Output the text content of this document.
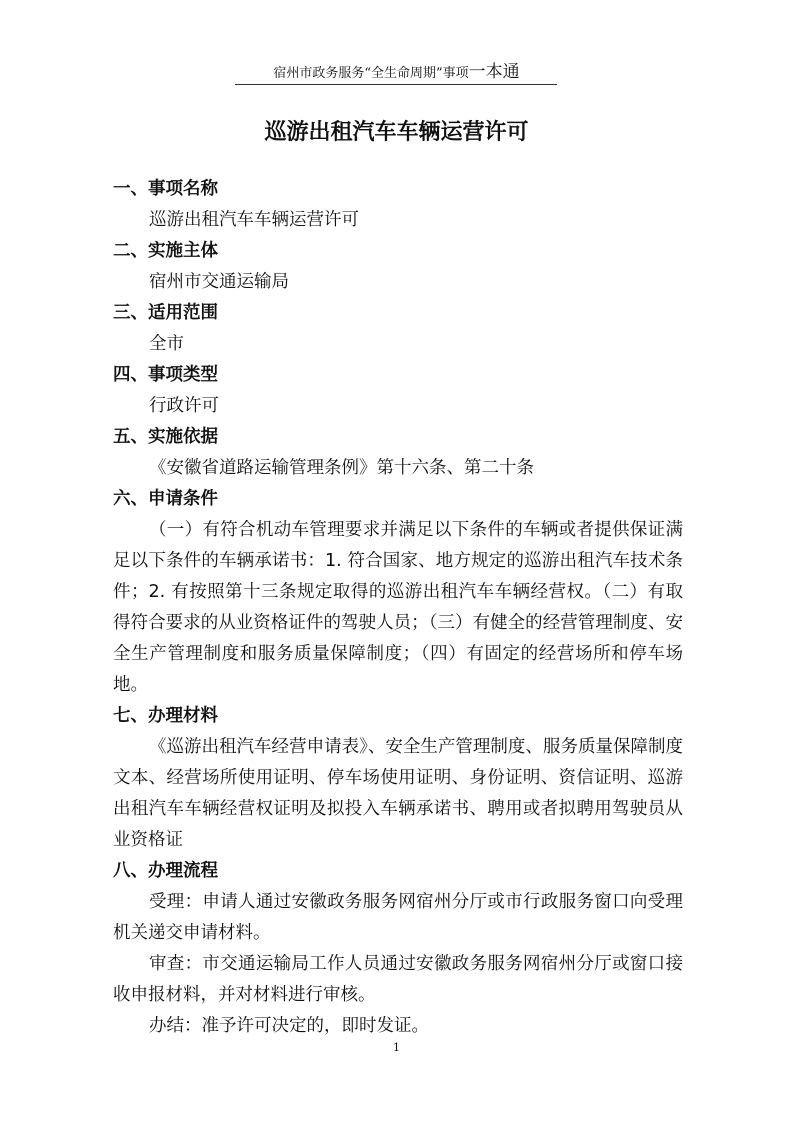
宿州市政务服务“全生命周期”事项一本通
巡游出租汽车车辆运营许可

一、事项名称

巡游出租汽车车辆运营许可

二、实施主体

宿州市交通运输局

三、适用范围

全市

四、事项类型

行政许可

五、实施依据

《安徽省道路运输管理条例》第十六条、第二十条

六、申请条件

（一）有符合机动车管理要求并满足以下条件的车辆或者提供保证满足以下条件的车辆承诺书：1. 符合国家、地方规定的巡游出租汽车技术条件；2. 有按照第十三条规定取得的巡游出租汽车车辆经营权。（二）有取得符合要求的从业资格证件的驾驶人员；（三）有健全的经营管理制度、安全生产管理制度和服务质量保障制度；（四）有固定的经营场所和停车场地。

七、办理材料

《巡游出租汽车经营申请表》、安全生产管理制度、服务质量保障制度文本、经营场所使用证明、停车场使用证明、身份证明、资信证明、巡游出租汽车车辆经营权证明及拟投入车辆承诺书、聘用或者拟聘用驾驶员从业资格证

八、办理流程

受理：申请人通过安徽政务服务网宿州分厅或市行政服务窗口向受理机关递交申请材料。

审查：市交通运输局工作人员通过安徽政务服务网宿州分厅或窗口接收申报材料，并对材料进行审核。

办结：准予许可决定的，即时发证。

1
